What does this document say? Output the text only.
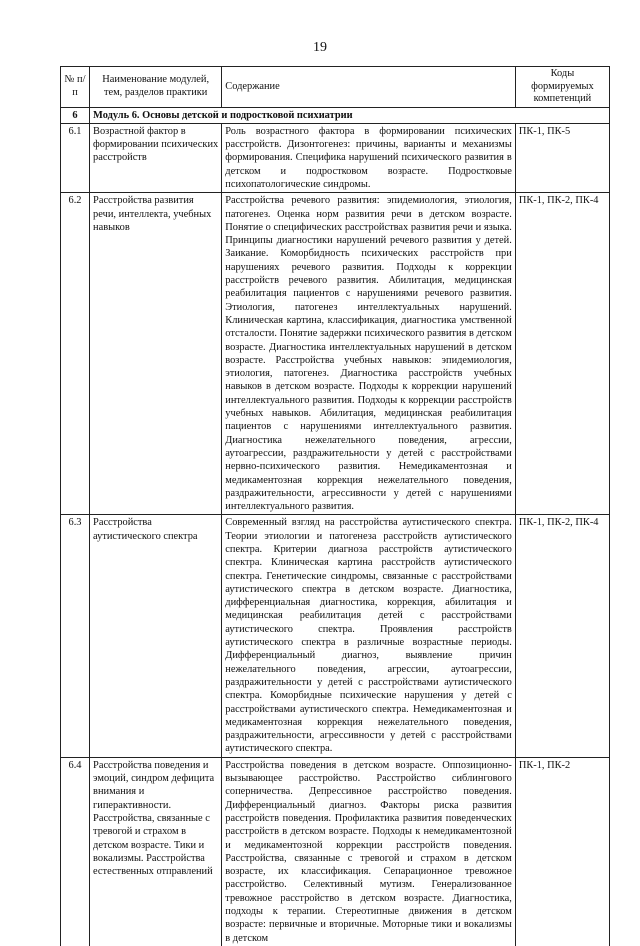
19
№ п/п	Наименование модулей, тем, разделов практики	Содержание	Коды формируемых компетенций
6	Модуль 6. Основы детской и подростковой психиатрии		
6.1	Возрастной фактор в формировании психических расстройств	Роль возрастного фактора в формировании психических расстройств. Дизонтогенез: причины, варианты и механизмы формирования. Специфика нарушений психического развития в детском и подростковом возрасте. Подростковые психопатологические синдромы.	ПК-1, ПК-5
6.2	Расстройства развития речи, интеллекта, учебных навыков	Расстройства речевого развития: эпидемиология, этиология, патогенез. Оценка норм развития речи в детском возрасте. Понятие о специфических расстройствах развития речи и языка. Принципы диагностики нарушений речевого развития у детей. Заикание. Коморбидность психических расстройств при нарушениях речевого развития. Подходы к коррекции расстройств речевого развития. Абилитация, медицинская реабилитация пациентов с нарушениями речевого развития. Этиология, патогенез интеллектуальных нарушений. Клиническая картина, классификация, диагностика умственной отсталости. Понятие задержки психического развития в детском возрасте. Диагностика интеллектуальных нарушений в детском возрасте. Расстройства учебных навыков: эпидемиология, этиология, патогенез. Диагностика расстройств учебных навыков в детском возрасте. Подходы к коррекции нарушений интеллектуального развития. Подходы к коррекции расстройств учебных навыков. Абилитация, медицинская реабилитация пациентов с нарушениями интеллектуального развития. Диагностика нежелательного поведения, агрессии, аутоагрессии, раздражительности у детей с расстройствами нервно-психического развития. Немедикаментозная и медикаментозная коррекция нежелательного поведения, раздражительности, агрессивности у детей с нарушениями интеллектуального развития.	ПК-1, ПК-2, ПК-4
6.3	Расстройства аутистического спектра	Современный взгляд на расстройства аутистического спектра. Теории этиологии и патогенеза расстройств аутистического спектра. Критерии диагноза расстройств аутистического спектра. Клиническая картина расстройств аутистического спектра. Генетические синдромы, связанные с расстройствами аутистического спектра в детском возрасте. Диагностика, дифференциальная диагностика, коррекция, абилитация и медицинская реабилитация детей с расстройствами аутистического спектра. Проявления расстройств аутистического спектра в различные возрастные периоды. Дифференциальный диагноз, выявление причин нежелательного поведения, агрессии, аутоагрессии, раздражительности у детей с расстройствами аутистического спектра. Коморбидные психические нарушения у детей с расстройствами аутистического спектра. Немедикаментозная и медикаментозная коррекция нежелательного поведения, раздражительности, агрессивности у детей с расстройствами аутистического спектра.	ПК-1, ПК-2, ПК-4
6.4	Расстройства поведения и эмоций, синдром дефицита внимания и гиперактивности. Расстройства, связанные с тревогой и страхом в детском возрасте. Тики и вокализмы. Расстройства естественных отправлений	Расстройства поведения в детском возрасте. Оппозиционно-вызывающее расстройство. Расстройство сиблингового соперничества. Депрессивное расстройство поведения. Дифференциальный диагноз. Факторы риска развития расстройств поведения. Профилактика развития поведенческих расстройств в детском возрасте. Подходы к немедикаментозной и медикаментозной коррекции расстройств поведения. Расстройства, связанные с тревогой и страхом в детском возрасте, их классификация. Сепарационное тревожное расстройство. Селективный мутизм. Генерализованное тревожное расстройство в детском возрасте. Диагностика, подходы к терапии. Стереотипные движения в детском возрасте: первичные и вторичные. Моторные тики и вокализмы в детском	ПК-1, ПК-2
